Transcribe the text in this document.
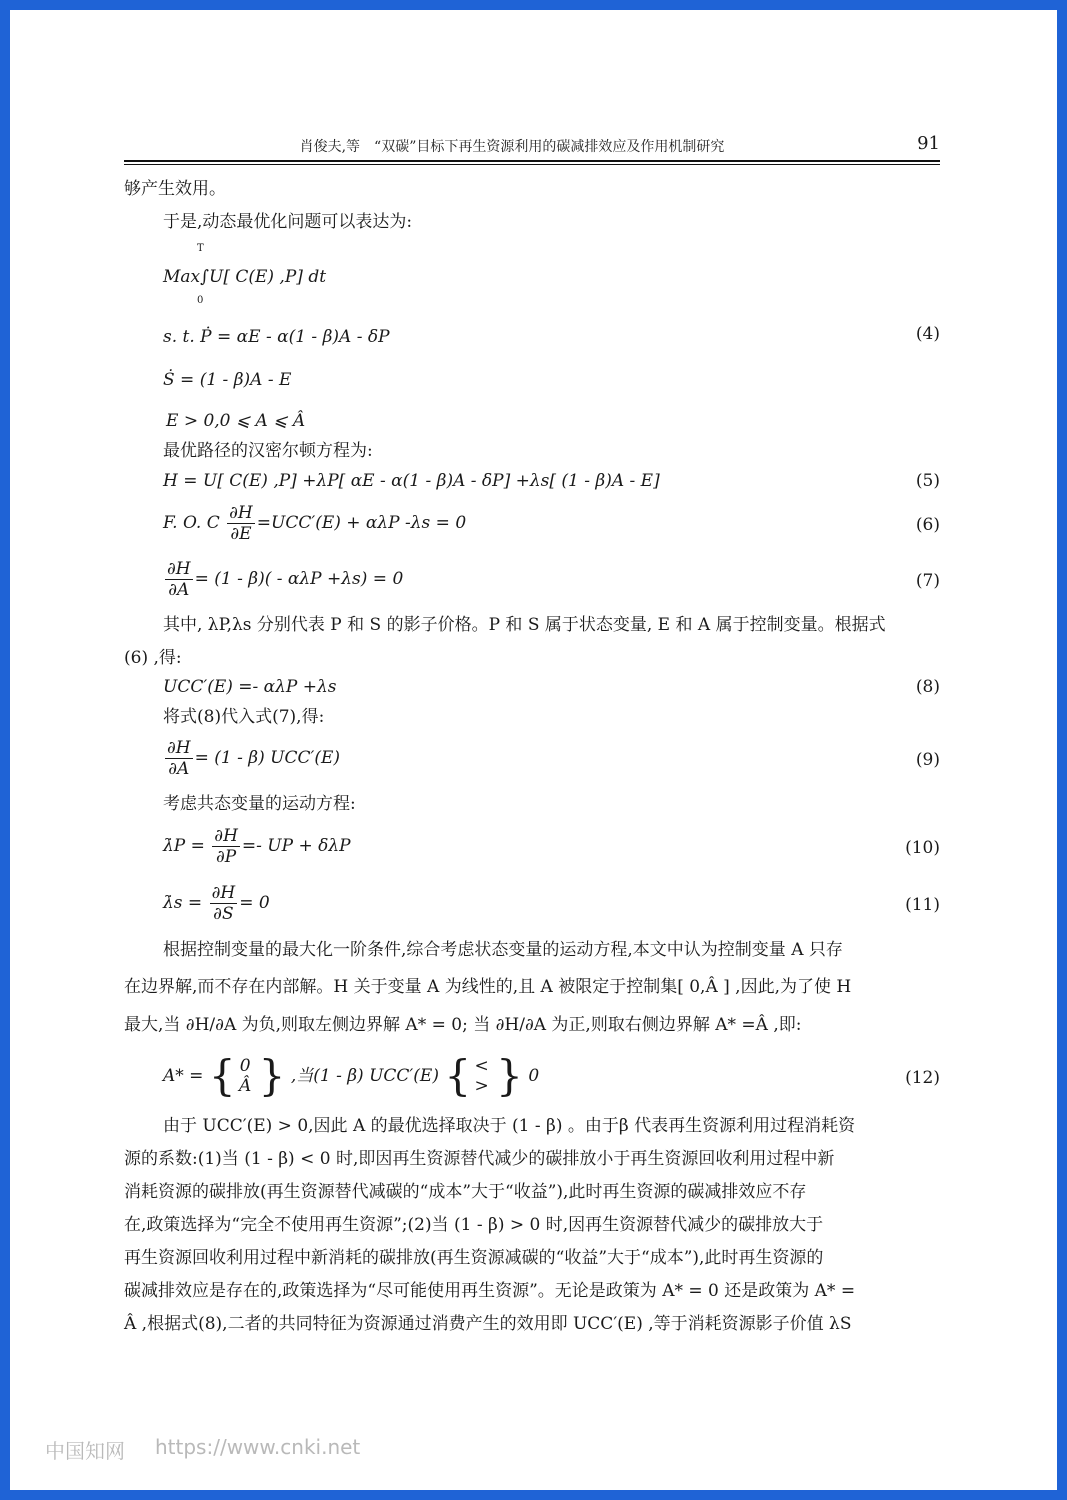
肖俊夫,等　“双碳”目标下再生资源利用的碳减排效应及作用机制研究	91
够产生效用。
于是,动态最优化问题可以表达为:
T
Max∫U[ C(E) ,P] dt
0
s. t. Ṗ = αE - α(1 - β)A - δP	(4)
Ṡ = (1 - β)A - E
E > 0,0 ⩽ A ⩽ Â
最优路径的汉密尔顿方程为:
H = U[ C(E) ,P] +λP[ αE - α(1 - β)A - δP] +λs[ (1 - β)A - E]	(5)
F. O. C $\frac{\partial H}{\partial E} =UCC'(E) + \alpha\lambda P$ -λs = 0	(6)
$\frac{\partial H}{\partial A} = (1 - \beta)( - \alpha\lambda P +\lambda s) = 0$	(7)
其中, λP,λs 分别代表 P 和 S 的影子价格。P 和 S 属于状态变量, E 和 A 属于控制变量。根据式
(6) ,得:
UCC′(E) =- αλP +λs	(8)
将式(8)代入式(7),得:
$\frac{\partial H}{\partial A} = (1 - \beta)$ UCC′(E)	(9)
考虑共态变量的运动方程:
λ̇P = $\frac{\partial H}{\partial P}$ =- UP + δλP	(10)
λ̇s = $\frac{\partial H}{\partial S} = 0$	(11)
根据控制变量的最大化一阶条件,综合考虑状态变量的运动方程,本文中认为控制变量 A 只存
在边界解,而不存在内部解。H 关于变量 A 为线性的,且 A 被限定于控制集[ 0,Â ] ,因此,为了使 H
最大,当 ∂H/∂A 为负,则取左侧边界解 A* = 0; 当 ∂H/∂A 为正,则取右侧边界解 A* =Â ,即:
A* = { 0
Â } ,当(1 - β) UCC′(E) { <
> } 0	(12)
由于 UCC′(E) > 0,因此 A 的最优选择取决于 (1 - β) 。由于β 代表再生资源利用过程消耗资
源的系数:(1)当 (1 - β) < 0 时,即因再生资源替代减少的碳排放小于再生资源回收利用过程中新
消耗资源的碳排放(再生资源替代减碳的“成本”大于“收益”),此时再生资源的碳减排效应不存
在,政策选择为“完全不使用再生资源”;(2)当 (1 - β) > 0 时,因再生资源替代减少的碳排放大于
再生资源回收利用过程中新消耗的碳排放(再生资源减碳的“收益”大于“成本”),此时再生资源的
碳减排效应是存在的,政策选择为“尽可能使用再生资源”。无论是政策为 A* = 0 还是政策为 A* =
Â ,根据式(8),二者的共同特征为资源通过消费产生的效用即 UCC′(E) ,等于消耗资源影子价值 λS
中国知网 https://www.cnki.net
